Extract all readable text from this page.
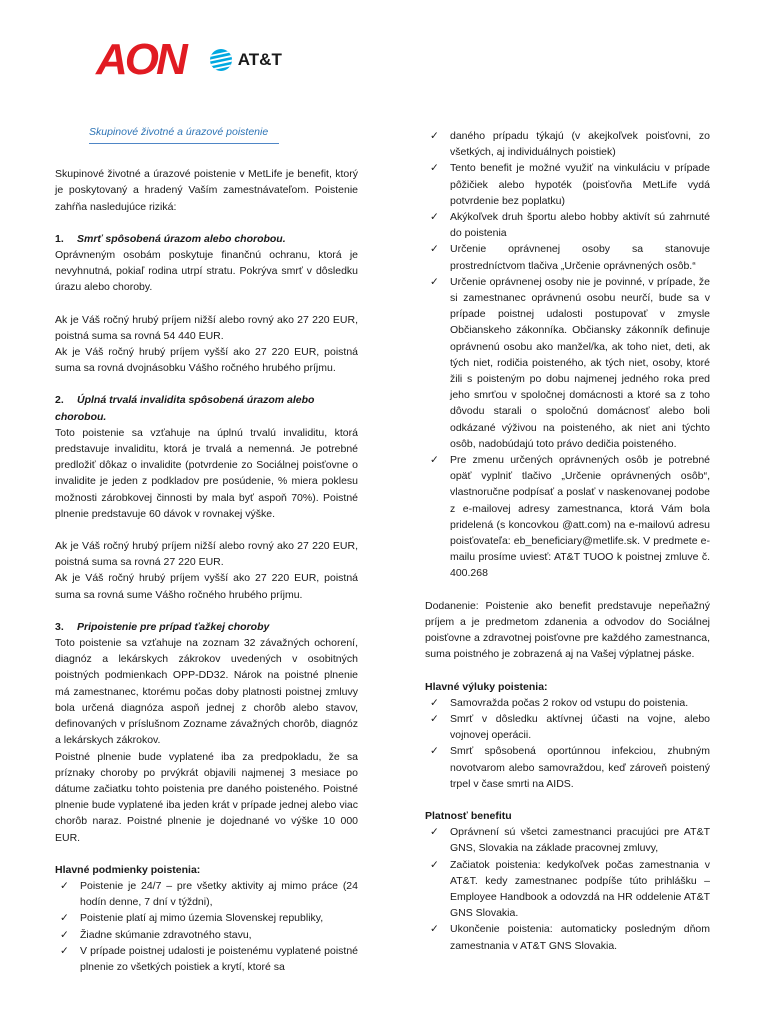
AON	AT&T
Skupinové životné a úrazové poistenie

Skupinové životné a úrazové poistenie v MetLife je benefit, ktorý je poskytovaný a hradený Vaším zamestnávateľom. Poistenie zahŕňa nasledujúce riziká:

1. Smrť spôsobená úrazom alebo chorobou.

Oprávneným osobám poskytuje finančnú ochranu, ktorá je nevyhnutná, pokiaľ rodina utrpí stratu. Pokrýva smrť v dôsledku úrazu alebo choroby.

Ak je Váš ročný hrubý príjem nižší alebo rovný ako 27 220 EUR, poistná suma sa rovná 54 440 EUR.

Ak je Váš ročný hrubý príjem vyšší ako 27 220 EUR, poistná suma sa rovná dvojnásobku Vášho ročného hrubého príjmu.

2. Úplná trvalá invalidita spôsobená úrazom alebo chorobou.

Toto poistenie sa vzťahuje na úplnú trvalú invaliditu, ktorá predstavuje invaliditu, ktorá je trvalá a nemenná. Je potrebné predložiť dôkaz o invalidite (potvrdenie zo Sociálnej poisťovne o invalidite je jeden z podkladov pre posúdenie, % miera poklesu možnosti zárobkovej činnosti by mala byť aspoň 70%). Poistné plnenie predstavuje 60 dávok v rovnakej výške.

Ak je Váš ročný hrubý príjem nižší alebo rovný ako 27 220 EUR, poistná suma sa rovná 27 220 EUR.

Ak je Váš ročný hrubý príjem vyšší ako 27 220 EUR, poistná suma sa rovná sume Vášho ročného hrubého príjmu.

3. Pripoistenie pre prípad ťažkej choroby

Toto poistenie sa vzťahuje na zoznam 32 závažných ochorení, diagnóz a lekárskych zákrokov uvedených v osobitných poistných podmienkach OPP-DD32. Nárok na poistné plnenie má zamestnanec, ktorému počas doby platnosti poistnej zmluvy bola určená diagnóza aspoň jednej z chorôb alebo stavov, definovaných v príslušnom Zozname závažných chorôb, diagnóz a lekárskych zákrokov.

Poistné plnenie bude vyplatené iba za predpokladu, že sa príznaky choroby po prvýkrát objavili najmenej 3 mesiace po dátume začiatku tohto poistenia pre daného poisteného. Poistné plnenie bude vyplatené iba jeden krát v prípade jednej alebo viac chorôb naraz. Poistné plnenie je dojednané vo výške 10 000 EUR.

Hlavné podmienky poistenia:
✓ Poistenie je 24/7 – pre všetky aktivity aj mimo práce (24 hodín denne, 7 dní v týždni),
✓ Poistenie platí aj mimo územia Slovenskej republiky,
✓ Žiadne skúmanie zdravotného stavu,
✓ V prípade poistnej udalosti je poistenému vyplatené poistné plnenie zo všetkých poistiek a krytí, ktoré sa
✓ daného prípadu týkajú (v akejkoľvek poisťovni, zo všetkých, aj individuálnych poistiek)
✓ Tento benefit je možné využiť na vinkuláciu v prípade pôžičiek alebo hypoték (poisťovňa MetLife vydá potvrdenie bez poplatku)
✓ Akýkoľvek druh športu alebo hobby aktivít sú zahrnuté do poistenia
✓ Určenie oprávnenej osoby sa stanovuje prostredníctvom tlačiva „Určenie oprávnených osôb.“
✓ Určenie oprávnenej osoby nie je povinné, v prípade, že si zamestnanec oprávnenú osobu neurčí, bude sa v prípade poistnej udalosti postupovať v zmysle Občianskeho zákonníka. Občiansky zákonník definuje oprávnenú osobu ako manžel/ka, ak toho niet, deti, ak tých niet, rodičia poisteného, ak tých niet, osoby, ktoré žili s poisteným po dobu najmenej jedného roka pred jeho smrťou v spoločnej domácnosti a ktoré sa z toho dôvodu starali o spoločnú domácnosť alebo boli odkázané výživou na poisteného, ak niet ani týchto osôb, nadobúdajú toto právo dedičia poisteného.
✓ Pre zmenu určených oprávnených osôb je potrebné opäť vyplniť tlačivo „Určenie oprávnených osôb“, vlastnoručne podpísať a poslať v naskenovanej podobe z e-mailovej adresy zamestnanca, ktorá Vám bola pridelená (s koncovkou @att.com) na e-mailovú adresu poisťovateľa: eb_beneficiary@metlife.sk. V predmete e-mailu prosíme uviesť: AT&T TUOO k poistnej zmluve č. 400.268

Dodanenie: Poistenie ako benefit predstavuje nepeňažný príjem a je predmetom zdanenia a odvodov do Sociálnej poisťovne a zdravotnej poisťovne pre každého zamestnanca, suma poistného je zobrazená aj na Vašej výplatnej páske.

Hlavné výluky poistenia:
✓ Samovražda počas 2 rokov od vstupu do poistenia.
✓ Smrť v dôsledku aktívnej účasti na vojne, alebo vojnovej operácii.
✓ Smrť spôsobená oportúnnou infekciou, zhubným novotvarom alebo samovraždou, keď zároveň poistený trpel v čase smrti na AIDS.
Platnosť benefitu
✓ Oprávnení sú všetci zamestnanci pracujúci pre AT&T GNS, Slovakia na základe pracovnej zmluvy,
✓ Začiatok poistenia: kedykoľvek počas zamestnania v AT&T. kedy zamestnanec podpíše túto prihlášku – Employee Handbook a odovzdá na HR oddelenie AT&T GNS Slovakia.
✓ Ukončenie poistenia: automaticky posledným dňom zamestnania v AT&T GNS Slovakia.
